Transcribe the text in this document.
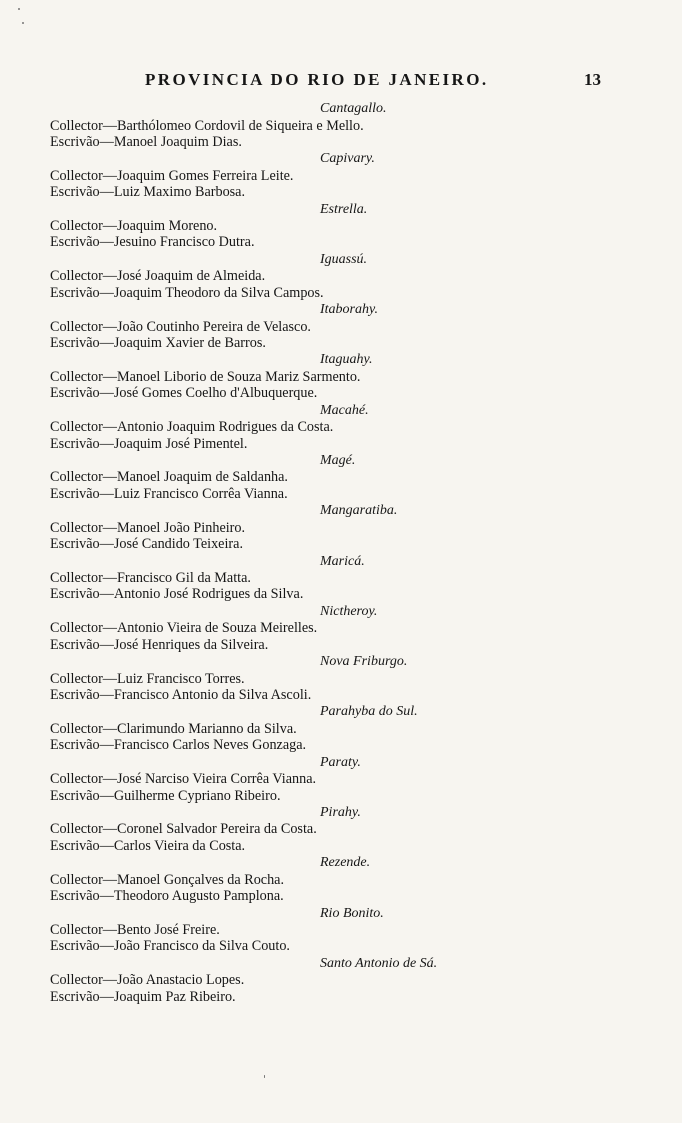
PROVINCIA DO RIO DE JANEIRO.	13
Cantagallo.
Collector—Barthólomeo Cordovil de Siqueira e Mello.
Escrivão—Manoel Joaquim Dias.
Capivary.
Collector—Joaquim Gomes Ferreira Leite.
Escrivão—Luiz Maximo Barbosa.
Estrella.
Collector—Joaquim Moreno.
Escrivão—Jesuino Francisco Dutra.
Iguassú.
Collector—José Joaquim de Almeida.
Escrivão—Joaquim Theodoro da Silva Campos.
Itaborahy.
Collector—João Coutinho Pereira de Velasco.
Escrivão—Joaquim Xavier de Barros.
Itaguahy.
Collector—Manoel Liborio de Souza Mariz Sarmento.
Escrivão—José Gomes Coelho d'Albuquerque.
Macahé.
Collector—Antonio Joaquim Rodrigues da Costa.
Escrivão—Joaquim José Pimentel.
Magé.
Collector—Manoel Joaquim de Saldanha.
Escrivão—Luiz Francisco Corrêa Vianna.
Mangaratiba.
Collector—Manoel João Pinheiro.
Escrivão—José Candido Teixeira.
Maricá.
Collector—Francisco Gil da Matta.
Escrivão—Antonio José Rodrigues da Silva.
Nictheroy.
Collector—Antonio Vieira de Souza Meirelles.
Escrivão—José Henriques da Silveira.
Nova Friburgo.
Collector—Luiz Francisco Torres.
Escrivão—Francisco Antonio da Silva Ascoli.
Parahyba do Sul.
Collector—Clarimundo Marianno da Silva.
Escrivão—Francisco Carlos Neves Gonzaga.
Paraty.
Collector—José Narciso Vieira Corrêa Vianna.
Escrivão—Guilherme Cypriano Ribeiro.
Pirahy.
Collector—Coronel Salvador Pereira da Costa.
Escrivão—Carlos Vieira da Costa.
Rezende.
Collector—Manoel Gonçalves da Rocha.
Escrivão—Theodoro Augusto Pamplona.
Rio Bonito.
Collector—Bento José Freire.
Escrivão—João Francisco da Silva Couto.
Santo Antonio de Sá.
Collector—João Anastacio Lopes.
Escrivão—Joaquim Paz Ribeiro.
